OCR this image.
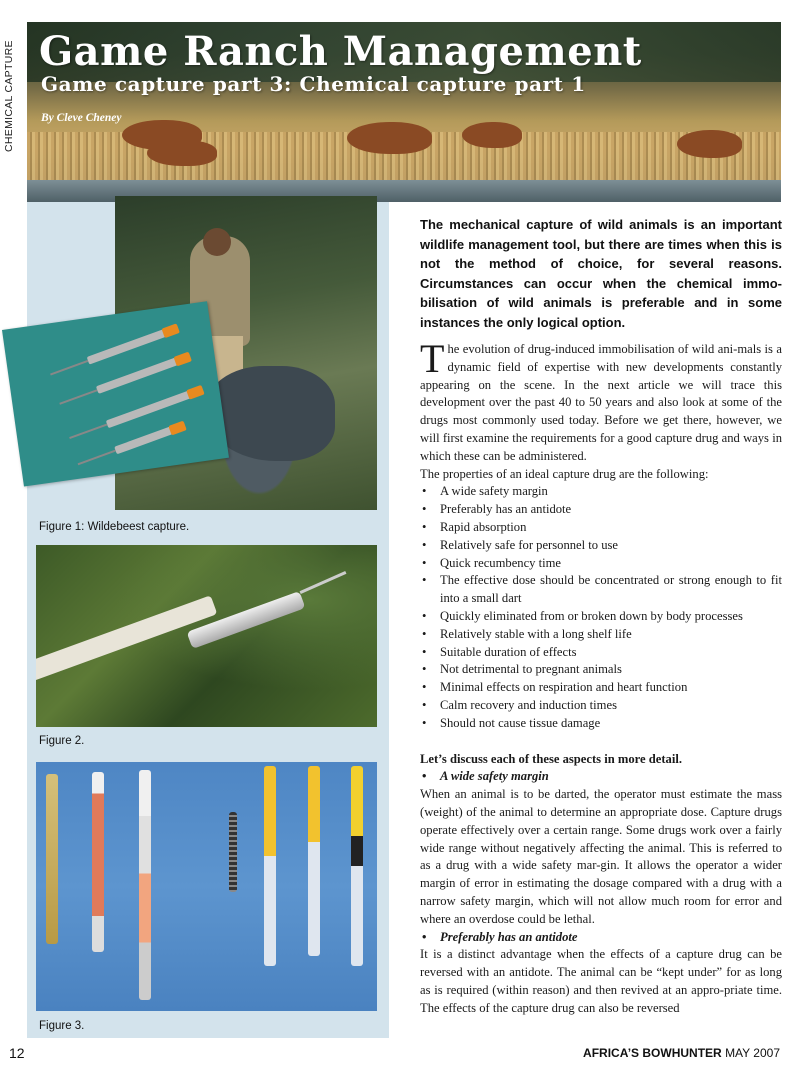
CHEMICAL CAPTURE Game Ranch Management
Game capture part 3: Chemical capture part 1
By Cleve Cheney
Figure 1: Wildebeest capture.
Figure 2.
Figure 3.
The mechanical capture of wild animals is an important wildlife management tool, but there are times when this is not the method of choice, for several reasons. Circumstances can occur when the chemical immo-bilisation of wild animals is preferable and in some instances the only logical option.

The evolution of drug-induced immobilisation of wild ani-mals is a dynamic field of expertise with new developments constantly appearing on the scene. In the next article we will trace this development over the past 40 to 50 years and also look at some of the drugs most commonly used today. Before we get there, however, we will first examine the requirements for a good capture drug and ways in which these can be administered.

The properties of an ideal capture drug are the following:
• A wide safety margin
• Preferably has an antidote
• Rapid absorption
• Relatively safe for personnel to use
• Quick recumbency time
• The effective dose should be concentrated or strong enough to fit into a small dart
• Quickly eliminated from or broken down by body processes
• Relatively stable with a long shelf life
• Suitable duration of effects
• Not detrimental to pregnant animals
• Minimal effects on respiration and heart function
• Calm recovery and induction times
• Should not cause tissue damage
Let’s discuss each of these aspects in more detail.
• A wide safety margin
When an animal is to be darted, the operator must estimate the mass (weight) of the animal to determine an appropriate dose. Capture drugs operate effectively over a certain range. Some drugs work over a fairly wide range without negatively affecting the animal. This is referred to as a drug with a wide safety mar-gin. It allows the operator a wider margin of error in estimating the dosage compared with a drug with a narrow safety margin, which will not allow much room for error and where an overdose could be lethal.
• Preferably has an antidote
It is a distinct advantage when the effects of a capture drug can be reversed with an antidote. The animal can be “kept under” for as long as is required (within reason) and then revived at an appro-priate time. The effects of the capture drug can also be reversed
12	AFRICA’S BOWHUNTER MAY 2007
